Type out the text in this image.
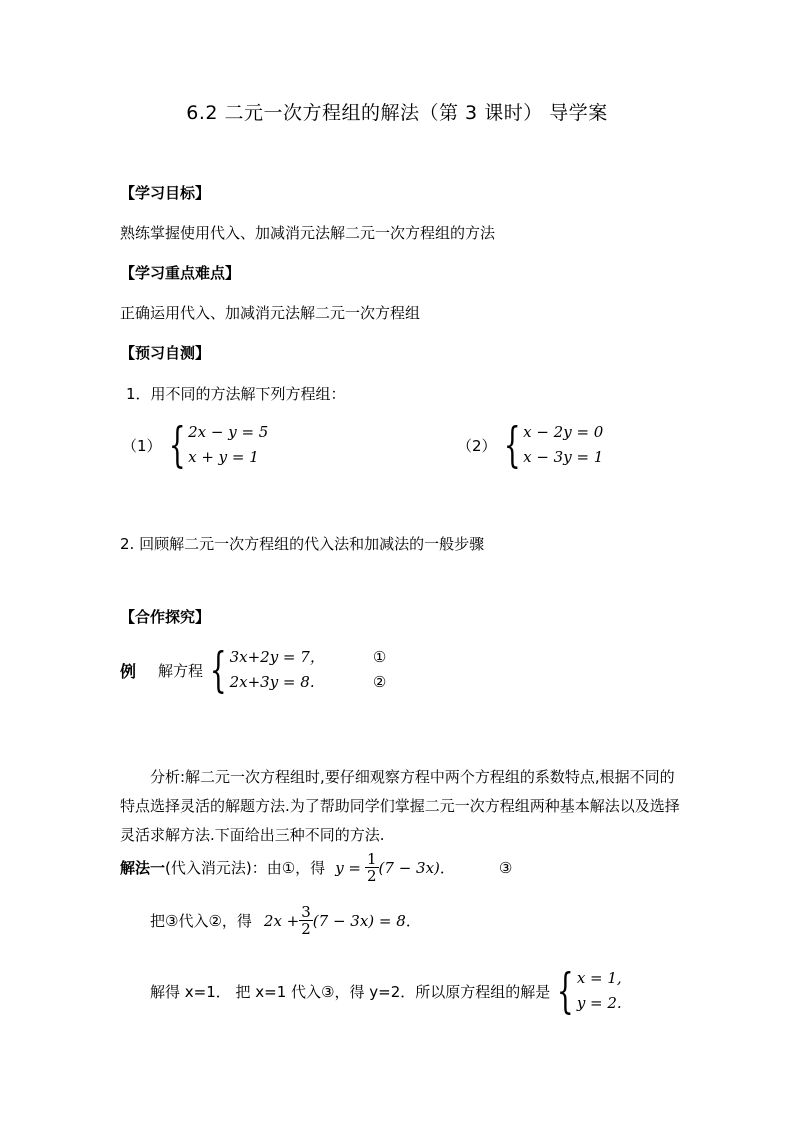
6.2 二元一次方程组的解法（第 3 课时） 导学案
【学习目标】
熟练掌握使用代入、加减消元法解二元一次方程组的方法
【学习重点难点】
正确运用代入、加减消元法解二元一次方程组
【预习自测】
1．用不同的方法解下列方程组：
（1） { 2x − y = 5
x + y = 1
（2） { x − 2y = 0
x − 3y = 1
2. 回顾解二元一次方程组的代入法和加减法的一般步骤
【合作探究】
例 解方程 { 3x+2y = 7，
2x+3y = 8.
①
②
分析:解二元一次方程组时,要仔细观察方程中两个方程组的系数特点,根据不同的特点选择灵活的解题方法.为了帮助同学们掌握二元一次方程组两种基本解法以及选择灵活求解方法.下面给出三种不同的方法.
解法一 (代入消元法) ：由①，得 $y = \frac{1}{2} (7 - 3x)$ ．	③
把③代入②，得 $2x + \frac{3}{2} (7 - 3x) = 8$ ．
解得 x=1． 把 x=1 代入③，得 y=2．所以原方程组的解是 { x = 1,
y = 2.
